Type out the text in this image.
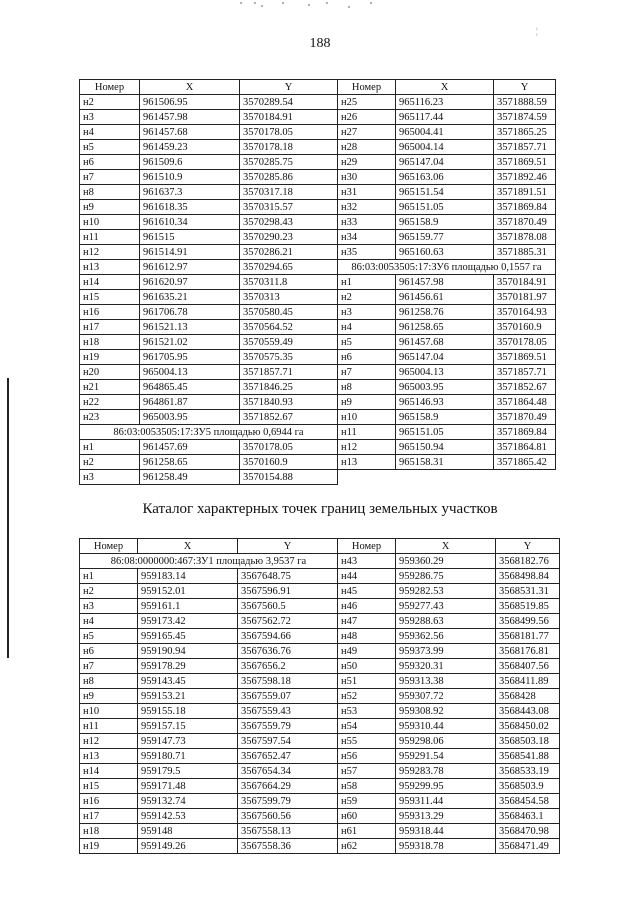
¦
188
Номер	X	Y	Номер	X	Y
н2	961506.95	3570289.54	н25	965116.23	3571888.59
н3	961457.98	3570184.91	н26	965117.44	3571874.59
н4	961457.68	3570178.05	н27	965004.41	3571865.25
н5	961459.23	3570178.18	н28	965004.14	3571857.71
н6	961509.6	3570285.75	н29	965147.04	3571869.51
н7	961510.9	3570285.86	н30	965163.06	3571892.46
н8	961637.3	3570317.18	н31	965151.54	3571891.51
н9	961618.35	3570315.57	н32	965151.05	3571869.84
н10	961610.34	3570298.43	н33	965158.9	3571870.49
н11	961515	3570290.23	н34	965159.77	3571878.08
н12	961514.91	3570286.21	н35	965160.63	3571885.31
н13	961612.97	3570294.65	86:03:0053505:17:ЗУ6 площадью 0,1557 га		
н14	961620.97	3570311.8	н1	961457.98	3570184.91
н15	961635.21	3570313	н2	961456.61	3570181.97
н16	961706.78	3570580.45	н3	961258.76	3570164.93
н17	961521.13	3570564.52	н4	961258.65	3570160.9
н18	961521.02	3570559.49	н5	961457.68	3570178.05
н19	961705.95	3570575.35	н6	965147.04	3571869.51
н20	965004.13	3571857.71	н7	965004.13	3571857.71
н21	964865.45	3571846.25	н8	965003.95	3571852.67
н22	964861.87	3571840.93	н9	965146.93	3571864.48
н23	965003.95	3571852.67	н10	965158.9	3571870.49
86:03:0053505:17:ЗУ5 площадью 0,6944 га			н11	965151.05	3571869.84
н1	961457.69	3570178.05	н12	965150.94	3571864.81
н2	961258.65	3570160.9	н13	965158.31	3571865.42
н3	961258.49	3570154.88			
Каталог характерных точек границ земельных участков
Номер	X	Y	Номер	X	Y
86:08:0000000:467:ЗУ1 площадью 3,9537 га			н43	959360.29	3568182.76
н1	959183.14	3567648.75	н44	959286.75	3568498.84
н2	959152.01	3567596.91	н45	959282.53	3568531.31
н3	959161.1	3567560.5	н46	959277.43	3568519.85
н4	959173.42	3567562.72	н47	959288.63	3568499.56
н5	959165.45	3567594.66	н48	959362.56	3568181.77
н6	959190.94	3567636.76	н49	959373.99	3568176.81
н7	959178.29	3567656.2	н50	959320.31	3568407.56
н8	959143.45	3567598.18	н51	959313.38	3568411.89
н9	959153.21	3567559.07	н52	959307.72	3568428
н10	959155.18	3567559.43	н53	959308.92	3568443.08
н11	959157.15	3567559.79	н54	959310.44	3568450.02
н12	959147.73	3567597.54	н55	959298.06	3568503.18
н13	959180.71	3567652.47	н56	959291.54	3568541.88
н14	959179.5	3567654.34	н57	959283.78	3568533.19
н15	959171.48	3567664.29	н58	959299.95	3568503.9
н16	959132.74	3567599.79	н59	959311.44	3568454.58
н17	959142.53	3567560.56	н60	959313.29	3568463.1
н18	959148	3567558.13	н61	959318.44	3568470.98
н19	959149.26	3567558.36	н62	959318.78	3568471.49
